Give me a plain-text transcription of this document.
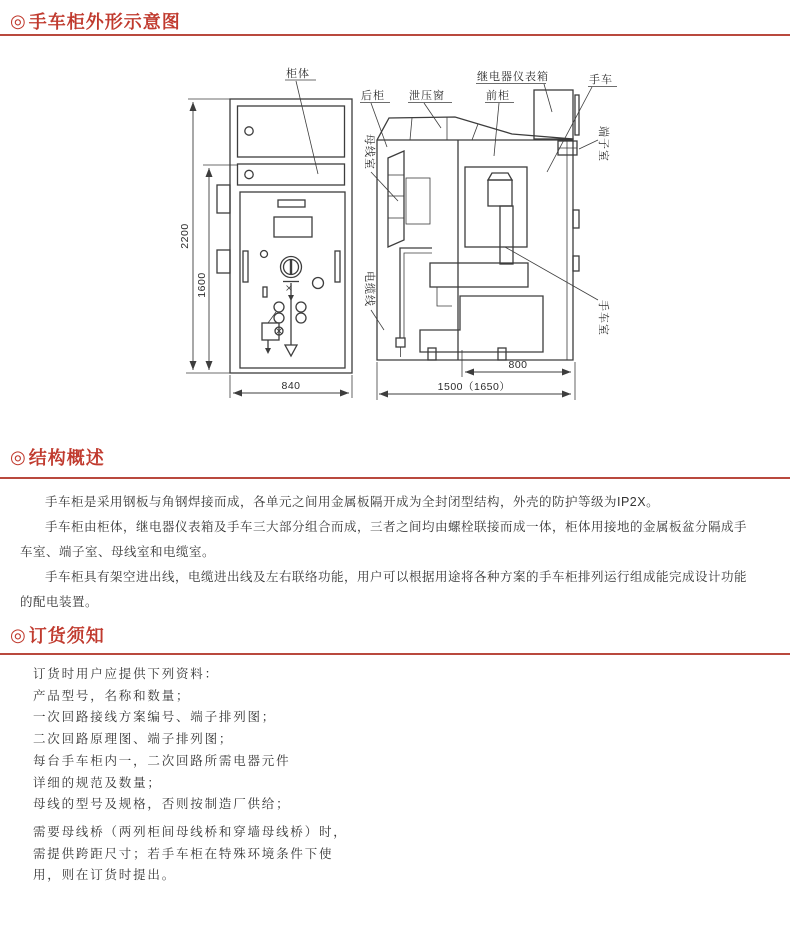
◎ 手车柜外形示意图
柜体
后柜 泄压窗	前柜
继电器仪表箱	手车
端子室
母线室
电缆线
手车室
2200
1600
840
800
1500（1650）
◎ 结构概述

手车柜是采用钢板与角钢焊接而成，各单元之间用金属板隔开成为全封闭型结构，外壳的防护等级为IP2X。

手车柜由柜体，继电器仪表箱及手车三大部分组合而成，三者之间均由螺栓联接而成一体，柜体用接地的金属板盆分隔成手车室、端子室、母线室和电缆室。

手车柜具有架空进出线，电缆进出线及左右联络功能，用户可以根据用途将各种方案的手车柜排列运行组成能完成设计功能的配电装置。

◎ 订货须知

订货时用户应提供下列资料：

产品型号，名称和数量；

一次回路接线方案编号、端子排列图；

二次回路原理图、端子排列图；

每台手车柜内一，二次回路所需电器元件

详细的规范及数量；

母线的型号及规格，否则按制造厂供给；

需要母线桥（两列柜间母线桥和穿墙母线桥）时，

需提供跨距尺寸；若手车柜在特殊环境条件下使

用，则在订货时提出。
